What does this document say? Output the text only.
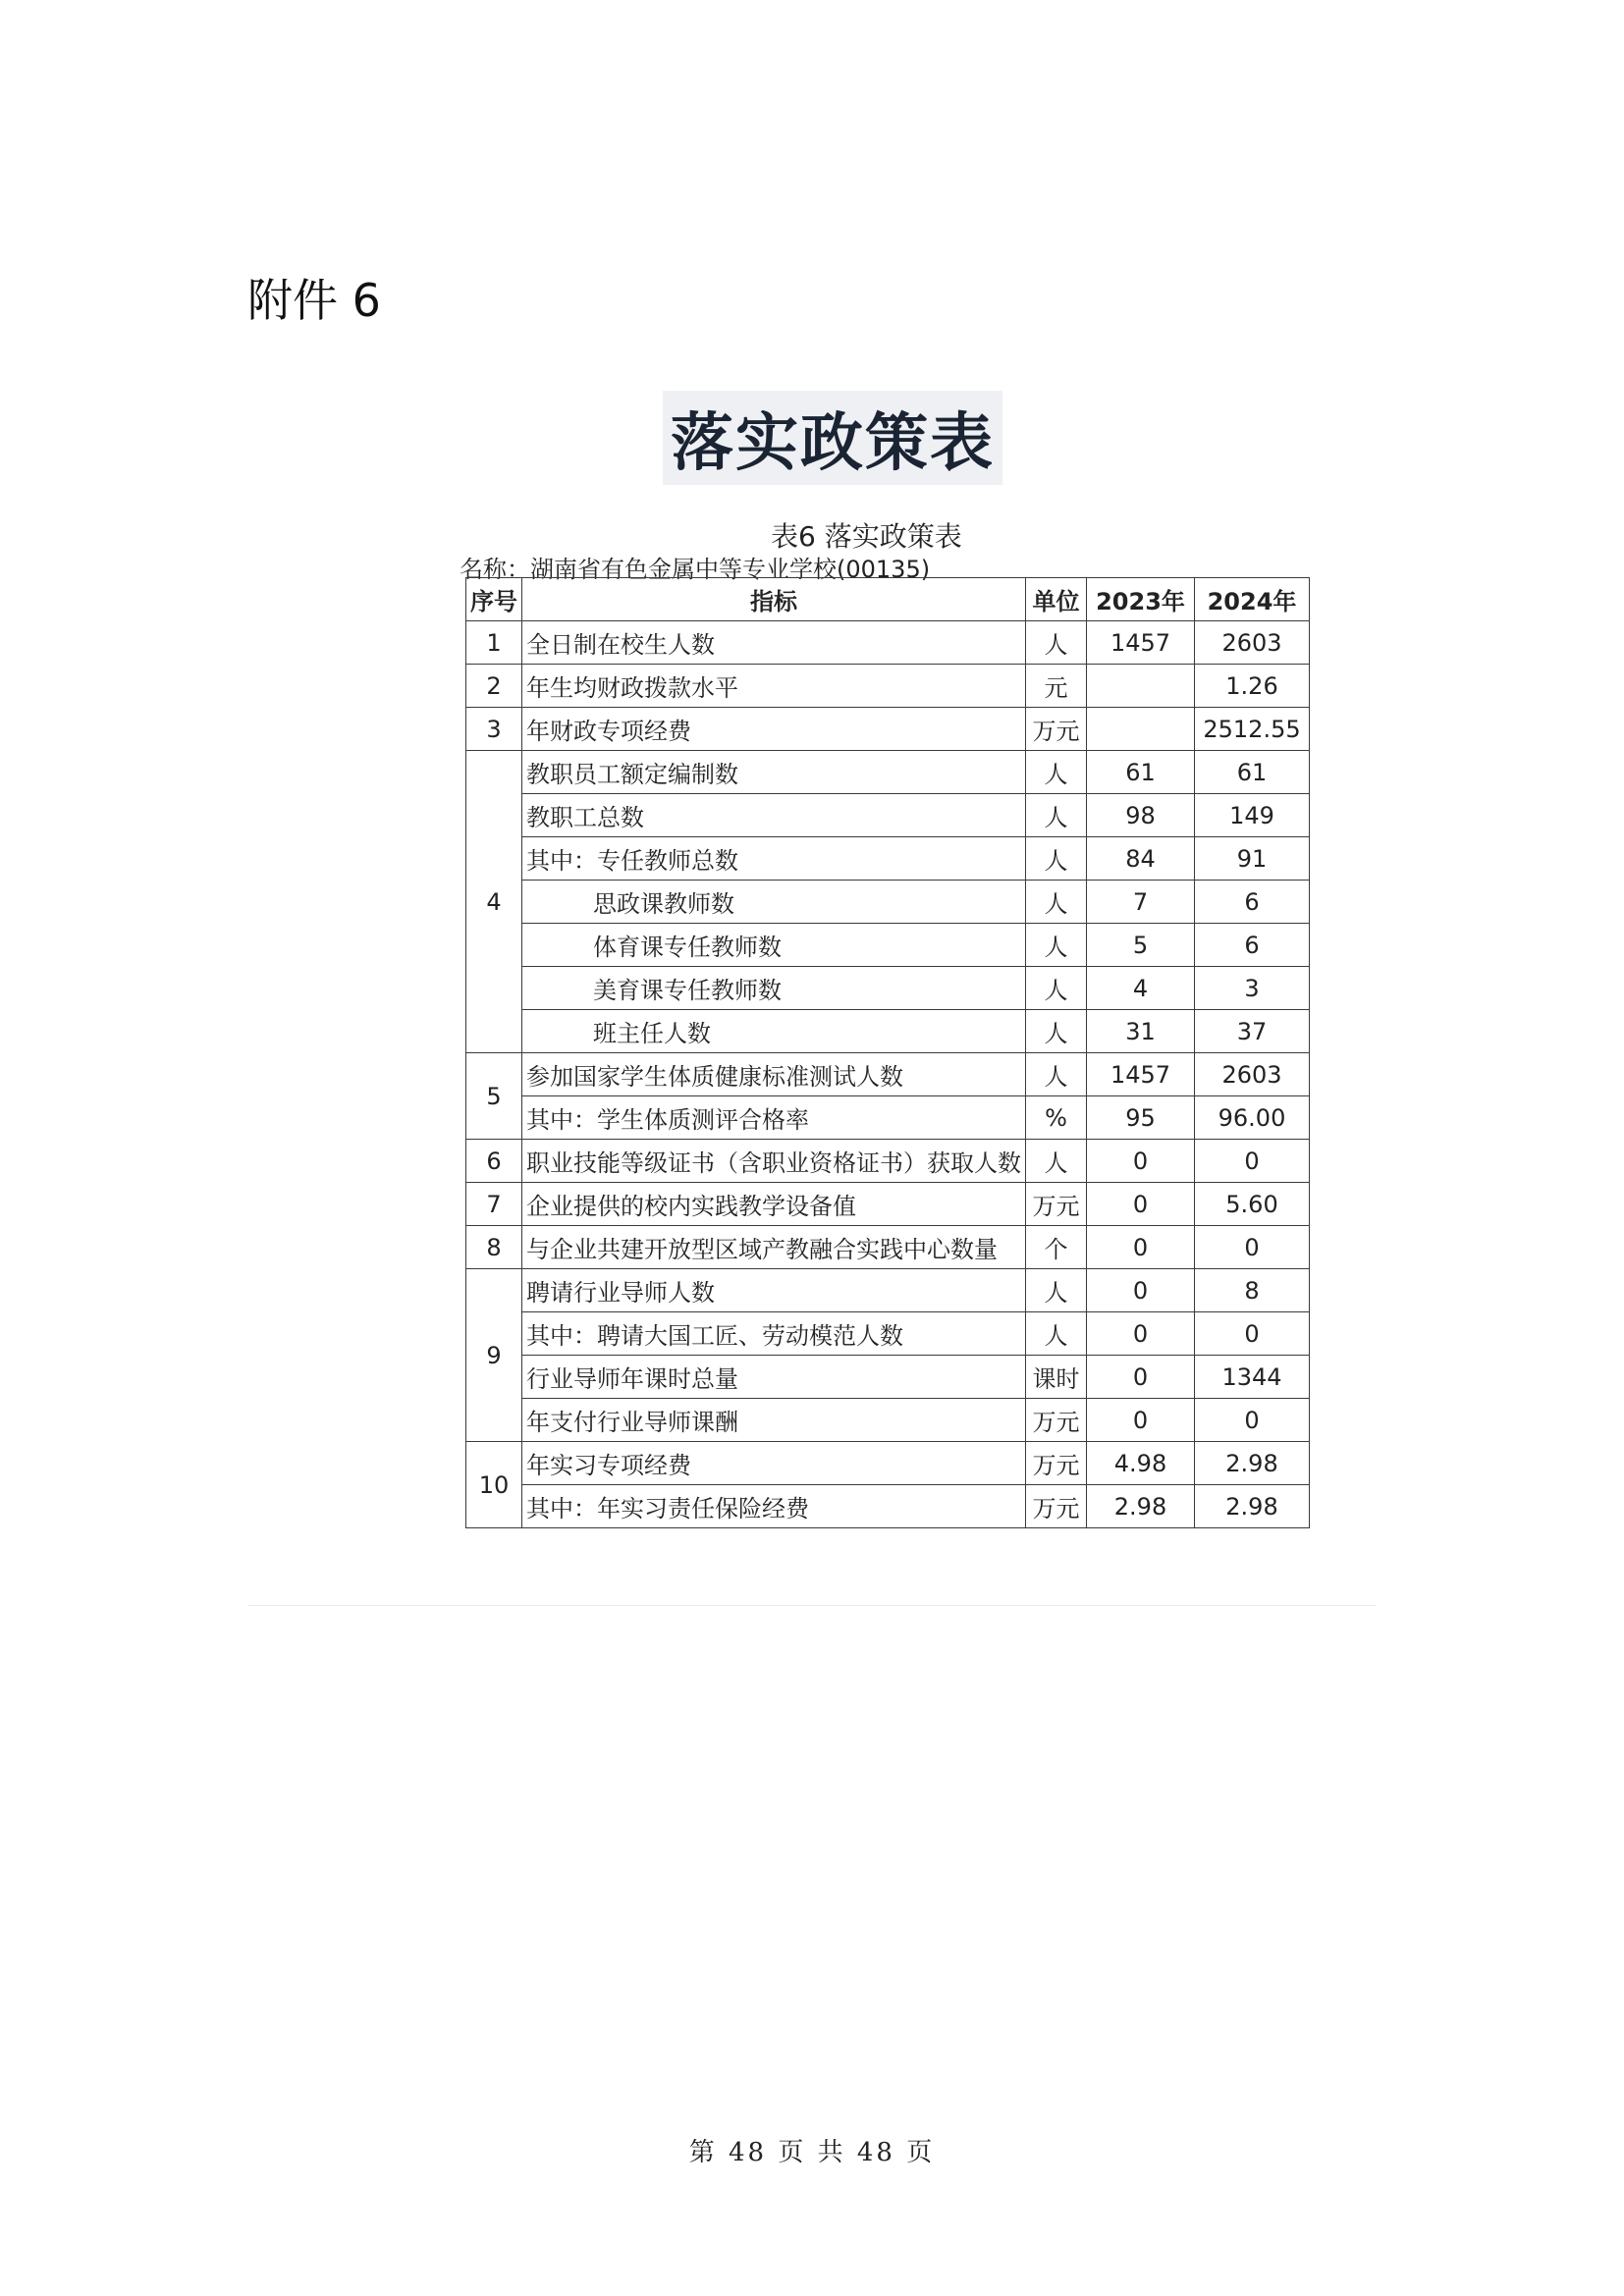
附件 6
落实政策表
表6 落实政策表
名称：湖南省有色金属中等专业学校(00135)
序号	指标	单位	2023年	2024年
1	全日制在校生人数	人	1457	2603
2	年生均财政拨款水平	元		1.26
3	年财政专项经费	万元		2512.55
4	教职员工额定编制数	人	61	61
	教职工总数	人	98	149
	其中：专任教师总数	人	84	91
	思政课教师数	人	7	6
	体育课专任教师数	人	5	6
	美育课专任教师数	人	4	3
	班主任人数	人	31	37
5	参加国家学生体质健康标准测试人数	人	1457	2603
	其中：学生体质测评合格率	%	95	96.00
6	职业技能等级证书（含职业资格证书）获取人数	人	0	0
7	企业提供的校内实践教学设备值	万元	0	5.60
8	与企业共建开放型区域产教融合实践中心数量	个	0	0
9	聘请行业导师人数	人	0	8
	其中：聘请大国工匠、劳动模范人数	人	0	0
	行业导师年课时总量	课时	0	1344
	年支付行业导师课酬	万元	0	0
10	年实习专项经费	万元	4.98	2.98
	其中：年实习责任保险经费	万元	2.98	2.98
第 48 页 共 48 页
